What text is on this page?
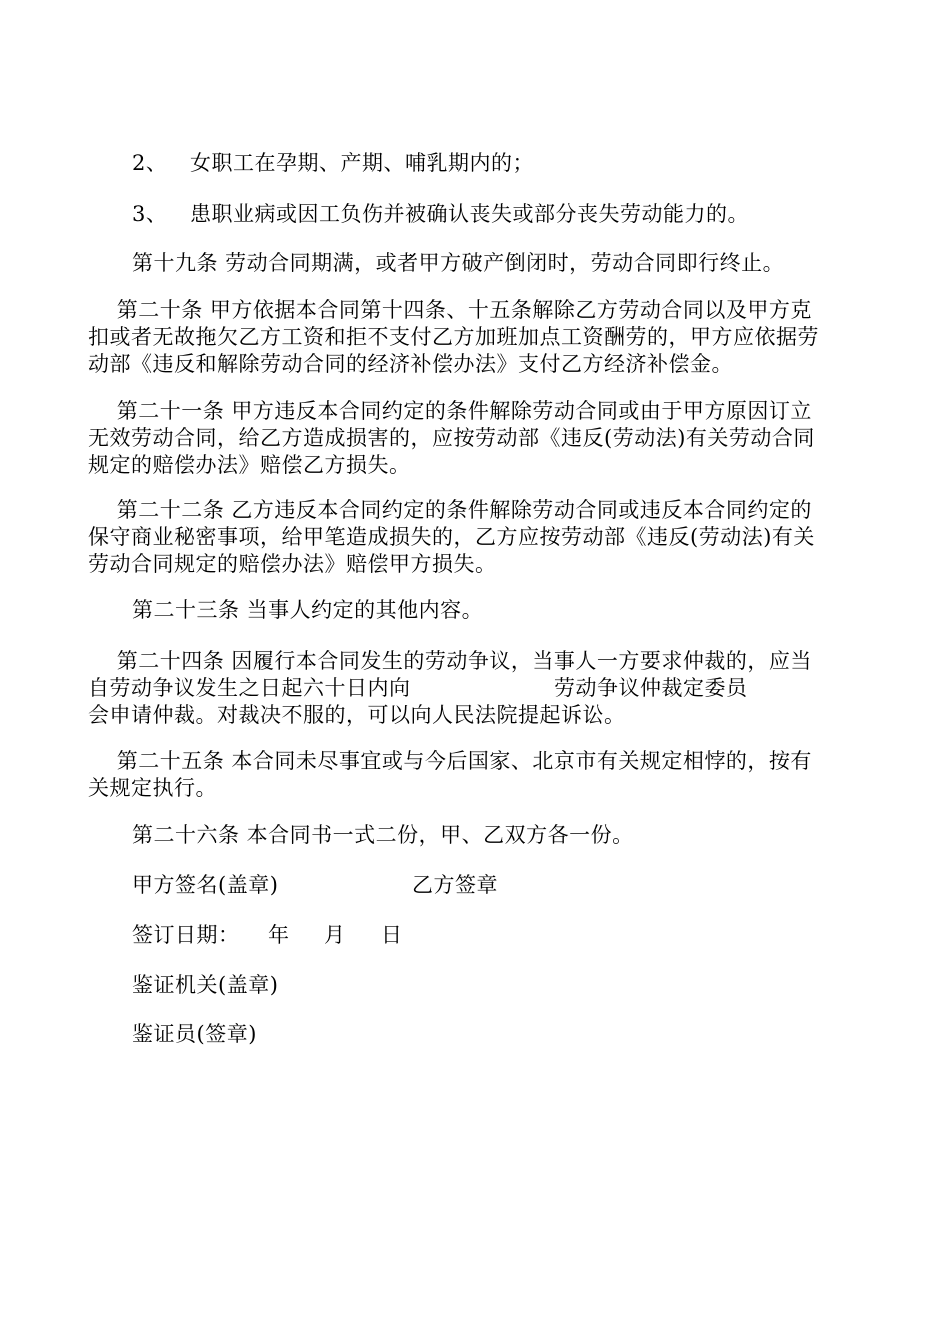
2、 女职工在孕期、产期、哺乳期内的；
3、 患职业病或因工负伤并被确认丧失或部分丧失劳动能力的。
第十九条 劳动合同期满，或者甲方破产倒闭时，劳动合同即行终止。
第二十条 甲方依据本合同第十四条、十五条解除乙方劳动合同以及甲方克
扣或者无故拖欠乙方工资和拒不支付乙方加班加点工资酬劳的，甲方应依据劳
动部《违反和解除劳动合同的经济补偿办法》支付乙方经济补偿金。
第二十一条 甲方违反本合同约定的条件解除劳动合同或由于甲方原因订立
无效劳动合同，给乙方造成损害的，应按劳动部《违反(劳动法)有关劳动合同
规定的赔偿办法》赔偿乙方损失。
第二十二条 乙方违反本合同约定的条件解除劳动合同或违反本合同约定的
保守商业秘密事项，给甲笔造成损失的，乙方应按劳动部《违反(劳动法)有关
劳动合同规定的赔偿办法》赔偿甲方损失。
第二十三条 当事人约定的其他内容。
第二十四条 因履行本合同发生的劳动争议，当事人一方要求仲裁的，应当
自劳动争议发生之日起六十日内向                    劳动争议仲裁定委员
会申请仲裁。对裁决不服的，可以向人民法院提起诉讼。
第二十五条 本合同未尽事宜或与今后国家、北京市有关规定相悖的，按有
关规定执行。
第二十六条 本合同书一式二份，甲、乙双方各一份。
甲方签名(盖章)	乙方签章
签订日期： 年 月 日
鉴证机关(盖章)
鉴证员(签章)
